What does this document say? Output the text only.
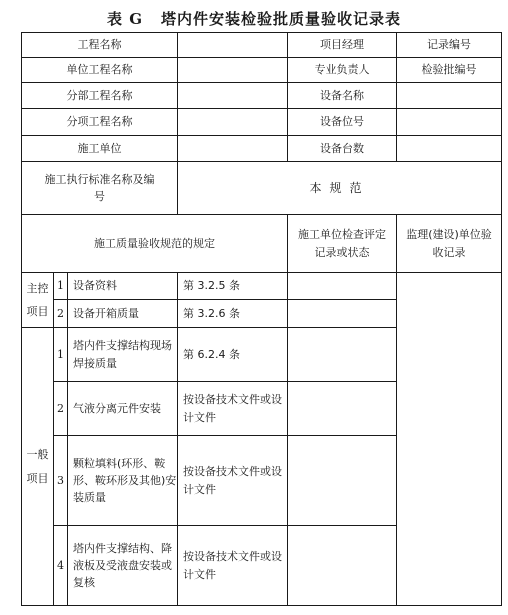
表 G 塔内件安装检验批质量验收记录表
工程名称				项目经理	记录编号
单位工程名称				专业负责人	检验批编号
分部工程名称				设备名称	
分项工程名称				设备位号	
施工单位				设备台数	
施工执行标准名称及编号			本规范		
施工质量验收规范的规定				施工单位检查评定记录或状态	监理(建设)单位验收记录
主控项目	1	设备资料	第 3.2.5 条		
	2	设备开箱质量	第 3.2.6 条		
一般项目	1	塔内件支撑结构现场焊接质量	第 6.2.4 条		
	2	气液分离元件安装	按设备技术文件或设计文件		
	3	颗粒填料(环形、鞍形、鞍环形及其他)安装质量	按设备技术文件或设计文件		
	4	塔内件支撑结构、降液板及受液盘安装或复核	按设备技术文件或设计文件		
